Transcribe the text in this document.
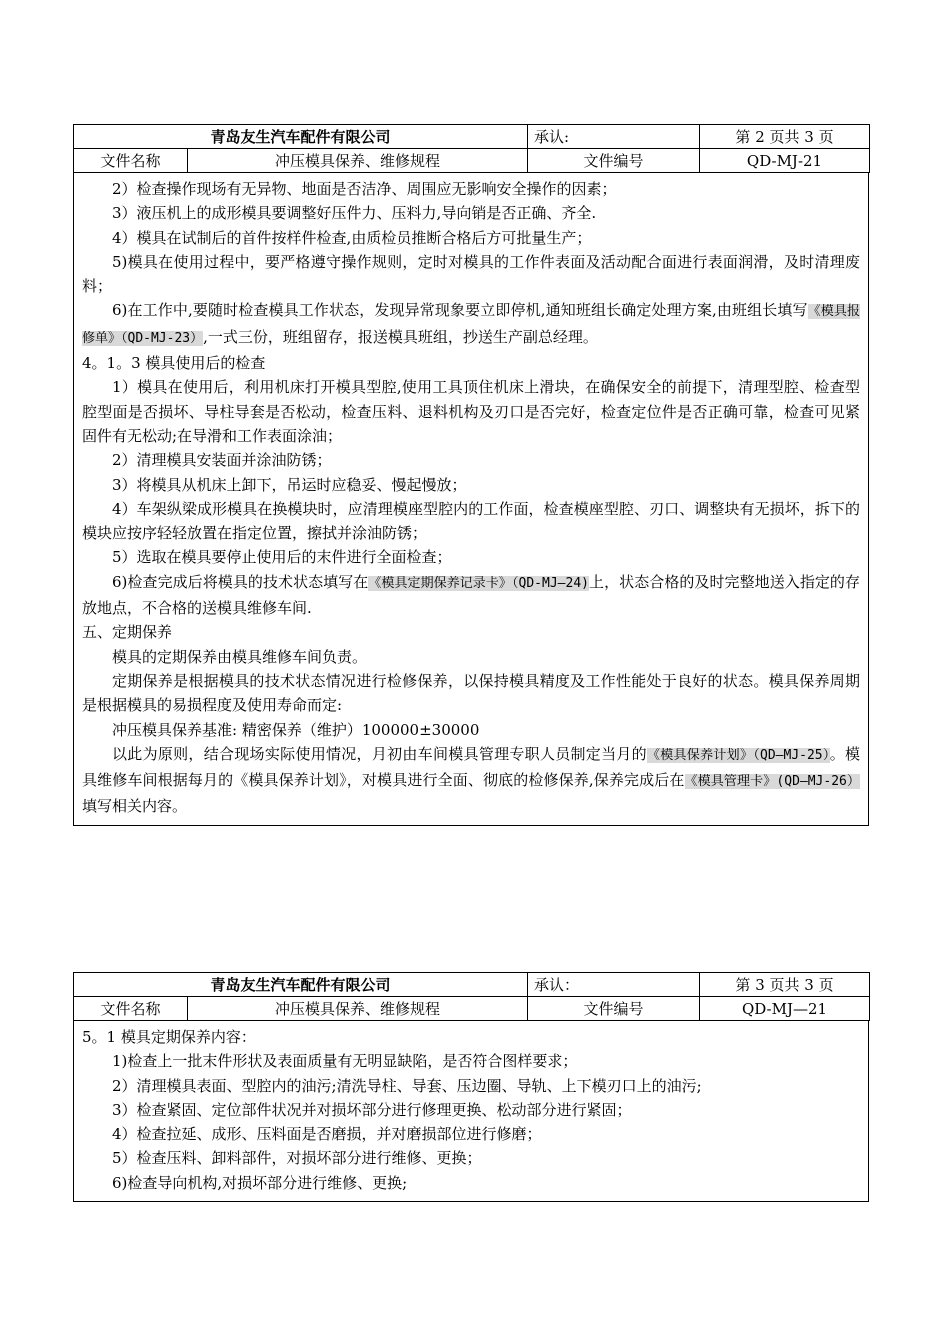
青岛友生汽车配件有限公司		承认:	第 2 页共 3 页
文件名称	冲压模具保养、维修规程	文件编号	QD-MJ-21

2）检查操作现场有无异物、地面是否洁净、周围应无影响安全操作的因素；

3）液压机上的成形模具要调整好压件力、压料力,导向销是否正确、齐全.

4）模具在试制后的首件按样件检查,由质检员推断合格后方可批量生产；

5)模具在使用过程中，要严格遵守操作规则，定时对模具的工作件表面及活动配合面进行表面润滑，及时清理废料；

6)在工作中,要随时检查模具工作状态，发现异常现象要立即停机,通知班组长确定处理方案,由班组长填写《模具报修单》（QD-MJ-23）,一式三份，班组留存，报送模具班组，抄送生产副总经理。

4。1。3 模具使用后的检查

1）模具在使用后，利用机床打开模具型腔,使用工具顶住机床上滑块，在确保安全的前提下，清理型腔、检查型腔型面是否损坏、导柱导套是否松动，检查压料、退料机构及刃口是否完好，检查定位件是否正确可靠，检查可见紧固件有无松动;在导滑和工作表面涂油；

2）清理模具安装面并涂油防锈；

3）将模具从机床上卸下，吊运时应稳妥、慢起慢放；

4）车架纵梁成形模具在换模块时，应清理模座型腔内的工作面，检查模座型腔、刃口、调整块有无损坏，拆下的模块应按序轻轻放置在指定位置，擦拭并涂油防锈；

5）选取在模具要停止使用后的末件进行全面检查；

6)检查完成后将模具的技术状态填写在《模具定期保养记录卡》（QD-MJ—24)上，状态合格的及时完整地送入指定的存放地点，不合格的送模具维修车间.

五、定期保养

模具的定期保养由模具维修车间负责。

定期保养是根据模具的技术状态情况进行检修保养，以保持模具精度及工作性能处于良好的状态。模具保养周期是根据模具的易损程度及使用寿命而定:

冲压模具保养基准: 精密保养（维护）100000±30000

以此为原则，结合现场实际使用情况，月初由车间模具管理专职人员制定当月的《模具保养计划》（QD—MJ-25）。模具维修车间根据每月的《模具保养计划》，对模具进行全面、彻底的检修保养,保养完成后在《模具管理卡》(QD—MJ-26）填写相关内容。

青岛友生汽车配件有限公司		承认：	第 3 页共 3 页
文件名称	冲压模具保养、维修规程	文件编号	QD-MJ—21

5。1 模具定期保养内容：

1)检查上一批末件形状及表面质量有无明显缺陷，是否符合图样要求；

2）清理模具表面、型腔内的油污;清洗导柱、导套、压边圈、导轨、上下模刃口上的油污;

3）检查紧固、定位部件状况并对损坏部分进行修理更换、松动部分进行紧固；

4）检查拉延、成形、压料面是否磨损，并对磨损部位进行修磨；

5）检查压料、卸料部件，对损坏部分进行维修、更换；

6)检查导向机构,对损坏部分进行维修、更换;
